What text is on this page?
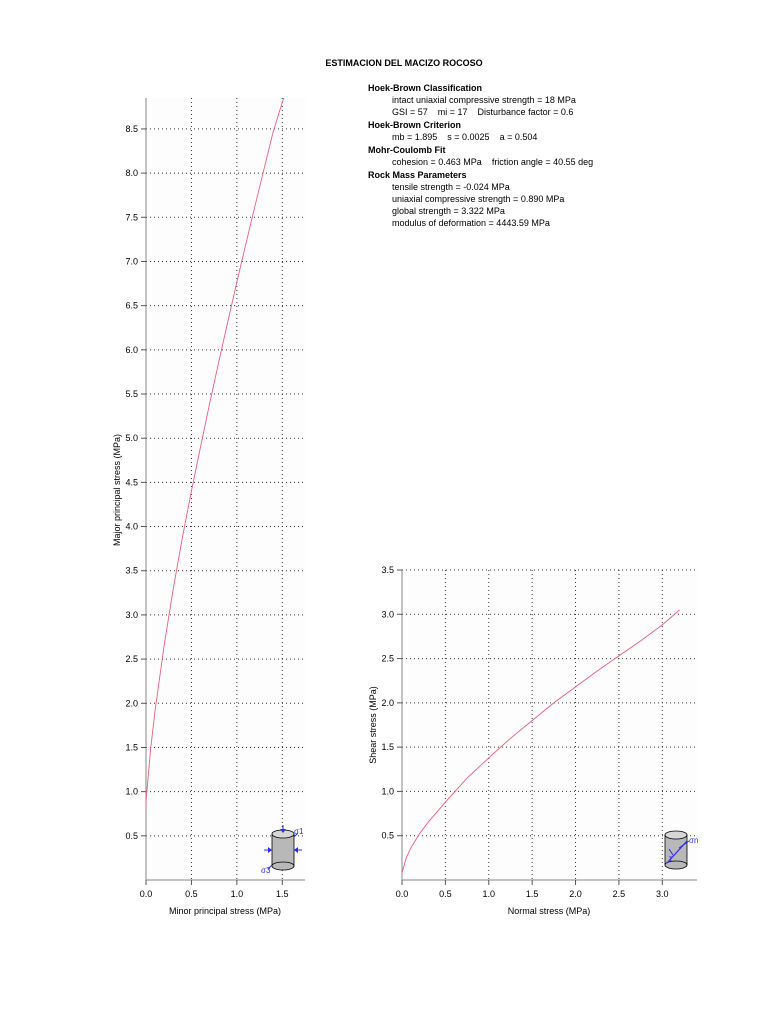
ESTIMACION DEL MACIZO ROCOSO
Hoek-Brown Classification
intact uniaxial compressive strength = 18 MPa
GSI = 57    mi = 17    Disturbance factor = 0.6
Hoek-Brown Criterion
mb = 1.895    s = 0.0025    a = 0.504
Mohr-Coulomb Fit
cohesion = 0.463 MPa    friction angle = 40.55 deg
Rock Mass Parameters
tensile strength = -0.024 MPa
uniaxial compressive strength = 0.890 MPa
global strength = 3.322 MPa
modulus of deformation = 4443.59 MPa
0.0	0.5	1.0	1.5
0.5
1.0
1.5
2.0
2.5
3.0
3.5
4.0
4.5
5.0
5.5
6.0
6.5
7.0
7.5
8.0
8.5
Minor principal stress (MPa)
Major principal stress (MPa)
0.0	0.5	1.0	1.5	2.0	2.5	3.0
0.5
1.0
1.5
2.0
2.5
3.0
3.5
Normal stress (MPa)
Shear stress (MPa)
σ1
σ3
σn
τ
